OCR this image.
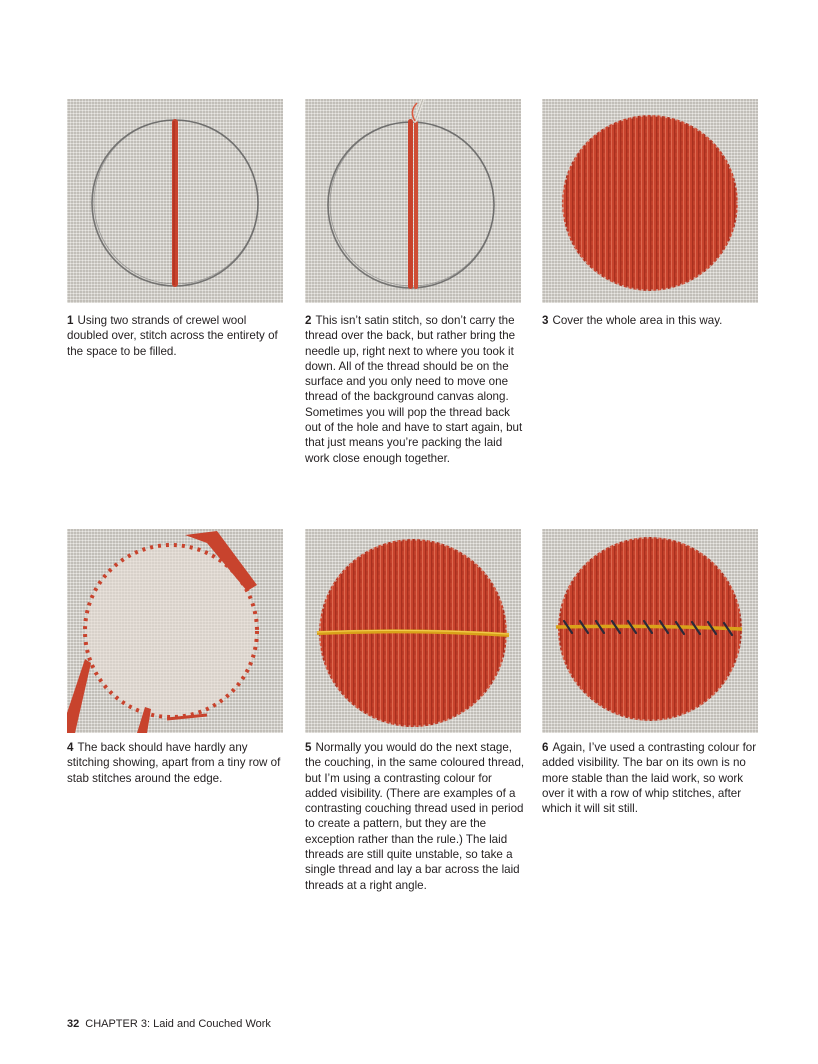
1 Using two strands of crewel wool doubled over, stitch across the entirety of the space to be filled.

2 This isn’t satin stitch, so don’t carry the thread over the back, but rather bring the needle up, right next to where you took it down. All of the thread should be on the surface and you only need to move one thread of the background canvas along. Sometimes you will pop the thread back out of the hole and have to start again, but that just means you’re packing the laid work close enough together.

3 Cover the whole area in this way.

4 The back should have hardly any stitching showing, apart from a tiny row of stab stitches around the edge.

5 Normally you would do the next stage, the couching, in the same coloured thread, but I’m using a contrasting colour for added visibility. (There are examples of a contrasting couching thread used in period to create a pattern, but they are the exception rather than the rule.) The laid threads are still quite unstable, so take a single thread and lay a bar across the laid threads at a right angle.

6 Again, I’ve used a contrasting colour for added visibility. The bar on its own is no more stable than the laid work, so work over it with a row of whip stitches, after which it will sit still.

32 CHAPTER 3: Laid and Couched Work
